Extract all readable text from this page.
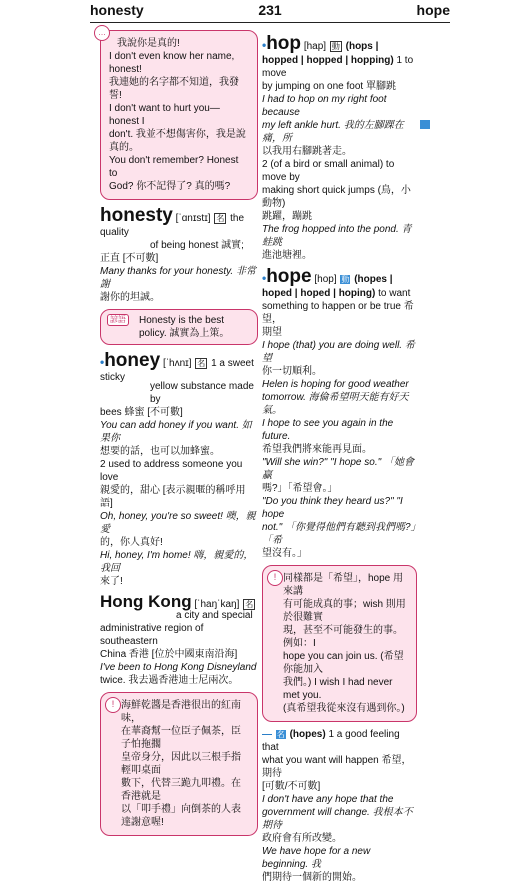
honesty	231	hope
…

我說你是真的!

I don't even know her name, honest!

我連她的名字都不知道，我發誓!

I don't want to hurt you—honest I

don't. 我並不想傷害你，我是說真的。

You don't remember? Honest to

God? 你不記得了? 真的嗎?

honesty [ˈɑnɪstɪ] 名 the quality

of being honest 誠實;

正直 [不可數]

Many thanks for your honesty. 非常謝

謝你的坦誠。

諺語	Honesty is the best policy. 誠實為上策。

•honey [ˈhʌnɪ] 名 1 a sweet sticky

yellow substance made by

bees 蜂蜜 [不可數]

You can add honey if you want. 如果你

想要的話，也可以加蜂蜜。

2 used to address someone you love

親愛的，甜心 [表示親暱的稱呼用語]

Oh, honey, you're so sweet! 噢，親愛

的，你人真好!

Hi, honey, I'm home! 嗨，親愛的，我回

來了!

Hong Kong [ˈhaŋˈkaŋ] 名

a city and special

administrative region of southeastern

China 香港 [位於中國東南沿海]

I've been to Hong Kong Disneyland

twice. 我去過香港迪士尼兩次。

! 海鮮乾醬是香港很出的紅南味，

在華裔幫一位臣子佩茶，臣子怕拖擱

皇帝身分，因此以三根手指輕叩桌面

數下，代替三跪九叩禮。在香港就是

以「叩手禮」向倒茶的人表達謝意喔!

•hop [hap] 動 (hops | hopped | hopped | hopping) 1 to move

by jumping on one foot 單腳跳

I had to hop on my right foot because

my left ankle hurt. 我的左腳踝在痛，所

以我用右腳跳著走。

2 (of a bird or small animal) to move by

making short quick jumps (鳥，小動物)

跳躍，蹦跳

The frog hopped into the pond. 青蛙跳

進池塘裡。

•hope [hop] 動 (hopes | hoped | hoped | hoping) to want

something to happen or be true 希望，

期望

I hope (that) you are doing well. 希望

你一切順利。

Helen is hoping for good weather

tomorrow. 海倫希望明天能有好天氣。

I hope to see you again in the future.

希望我們將來能再見面。

"Will she win?" "I hope so." 「她會贏

嗎?」「希望會。」

"Do you think they heard us?" "I hope

not." 「你覺得他們有聽到我們嗎?」「希

望沒有。」

! 同樣都是「希望」，hope 用來講

有可能成真的事；wish 則用於很難實

現，甚至不可能發生的事。例如：I

hope you can join us. (希望你能加入

我們。) I wish I had never met you.

(真希望我從來沒有遇到你。)

— 名 (hopes) 1 a good feeling that

what you want will happen 希望，期待

[可數/不可數]

I don't have any hope that the

government will change. 我根本不期待

政府會有所改變。

We have hope for a new beginning. 我

們期待一個新的開始。
